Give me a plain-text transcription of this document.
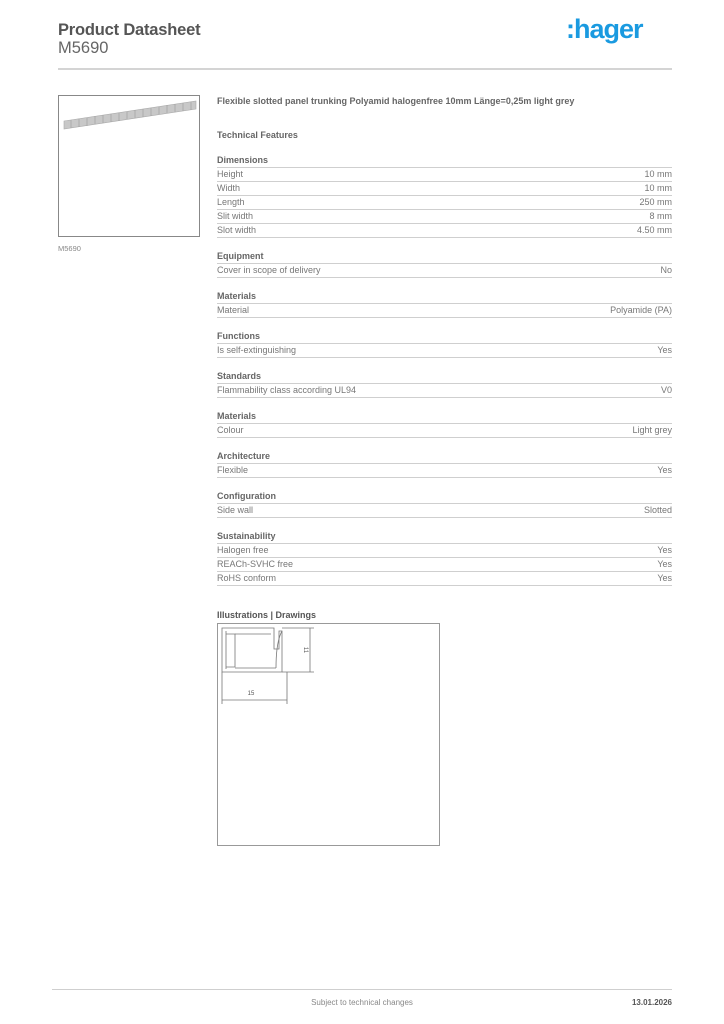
Product Datasheet
M5690
:hager
M5690
Flexible slotted panel trunking Polyamid halogenfree 10mm Länge=0,25m light grey
Technical Features
Dimensions
Height	10 mm
Width	10 mm
Length	250 mm
Slit width	8 mm
Slot width	4.50 mm
Equipment
Cover in scope of delivery	No
Materials
Material	Polyamide (PA)
Functions
Is self-extinguishing	Yes
Standards
Flammability class according UL94	V0
Materials
Colour	Light grey
Architecture
Flexible	Yes
Configuration
Side wall	Slotted
Sustainability
Halogen free	Yes
REACh-SVHC free	Yes
RoHS conform	Yes
Illustrations | Drawings
15
11
Subject to technical changes	13.01.2026
